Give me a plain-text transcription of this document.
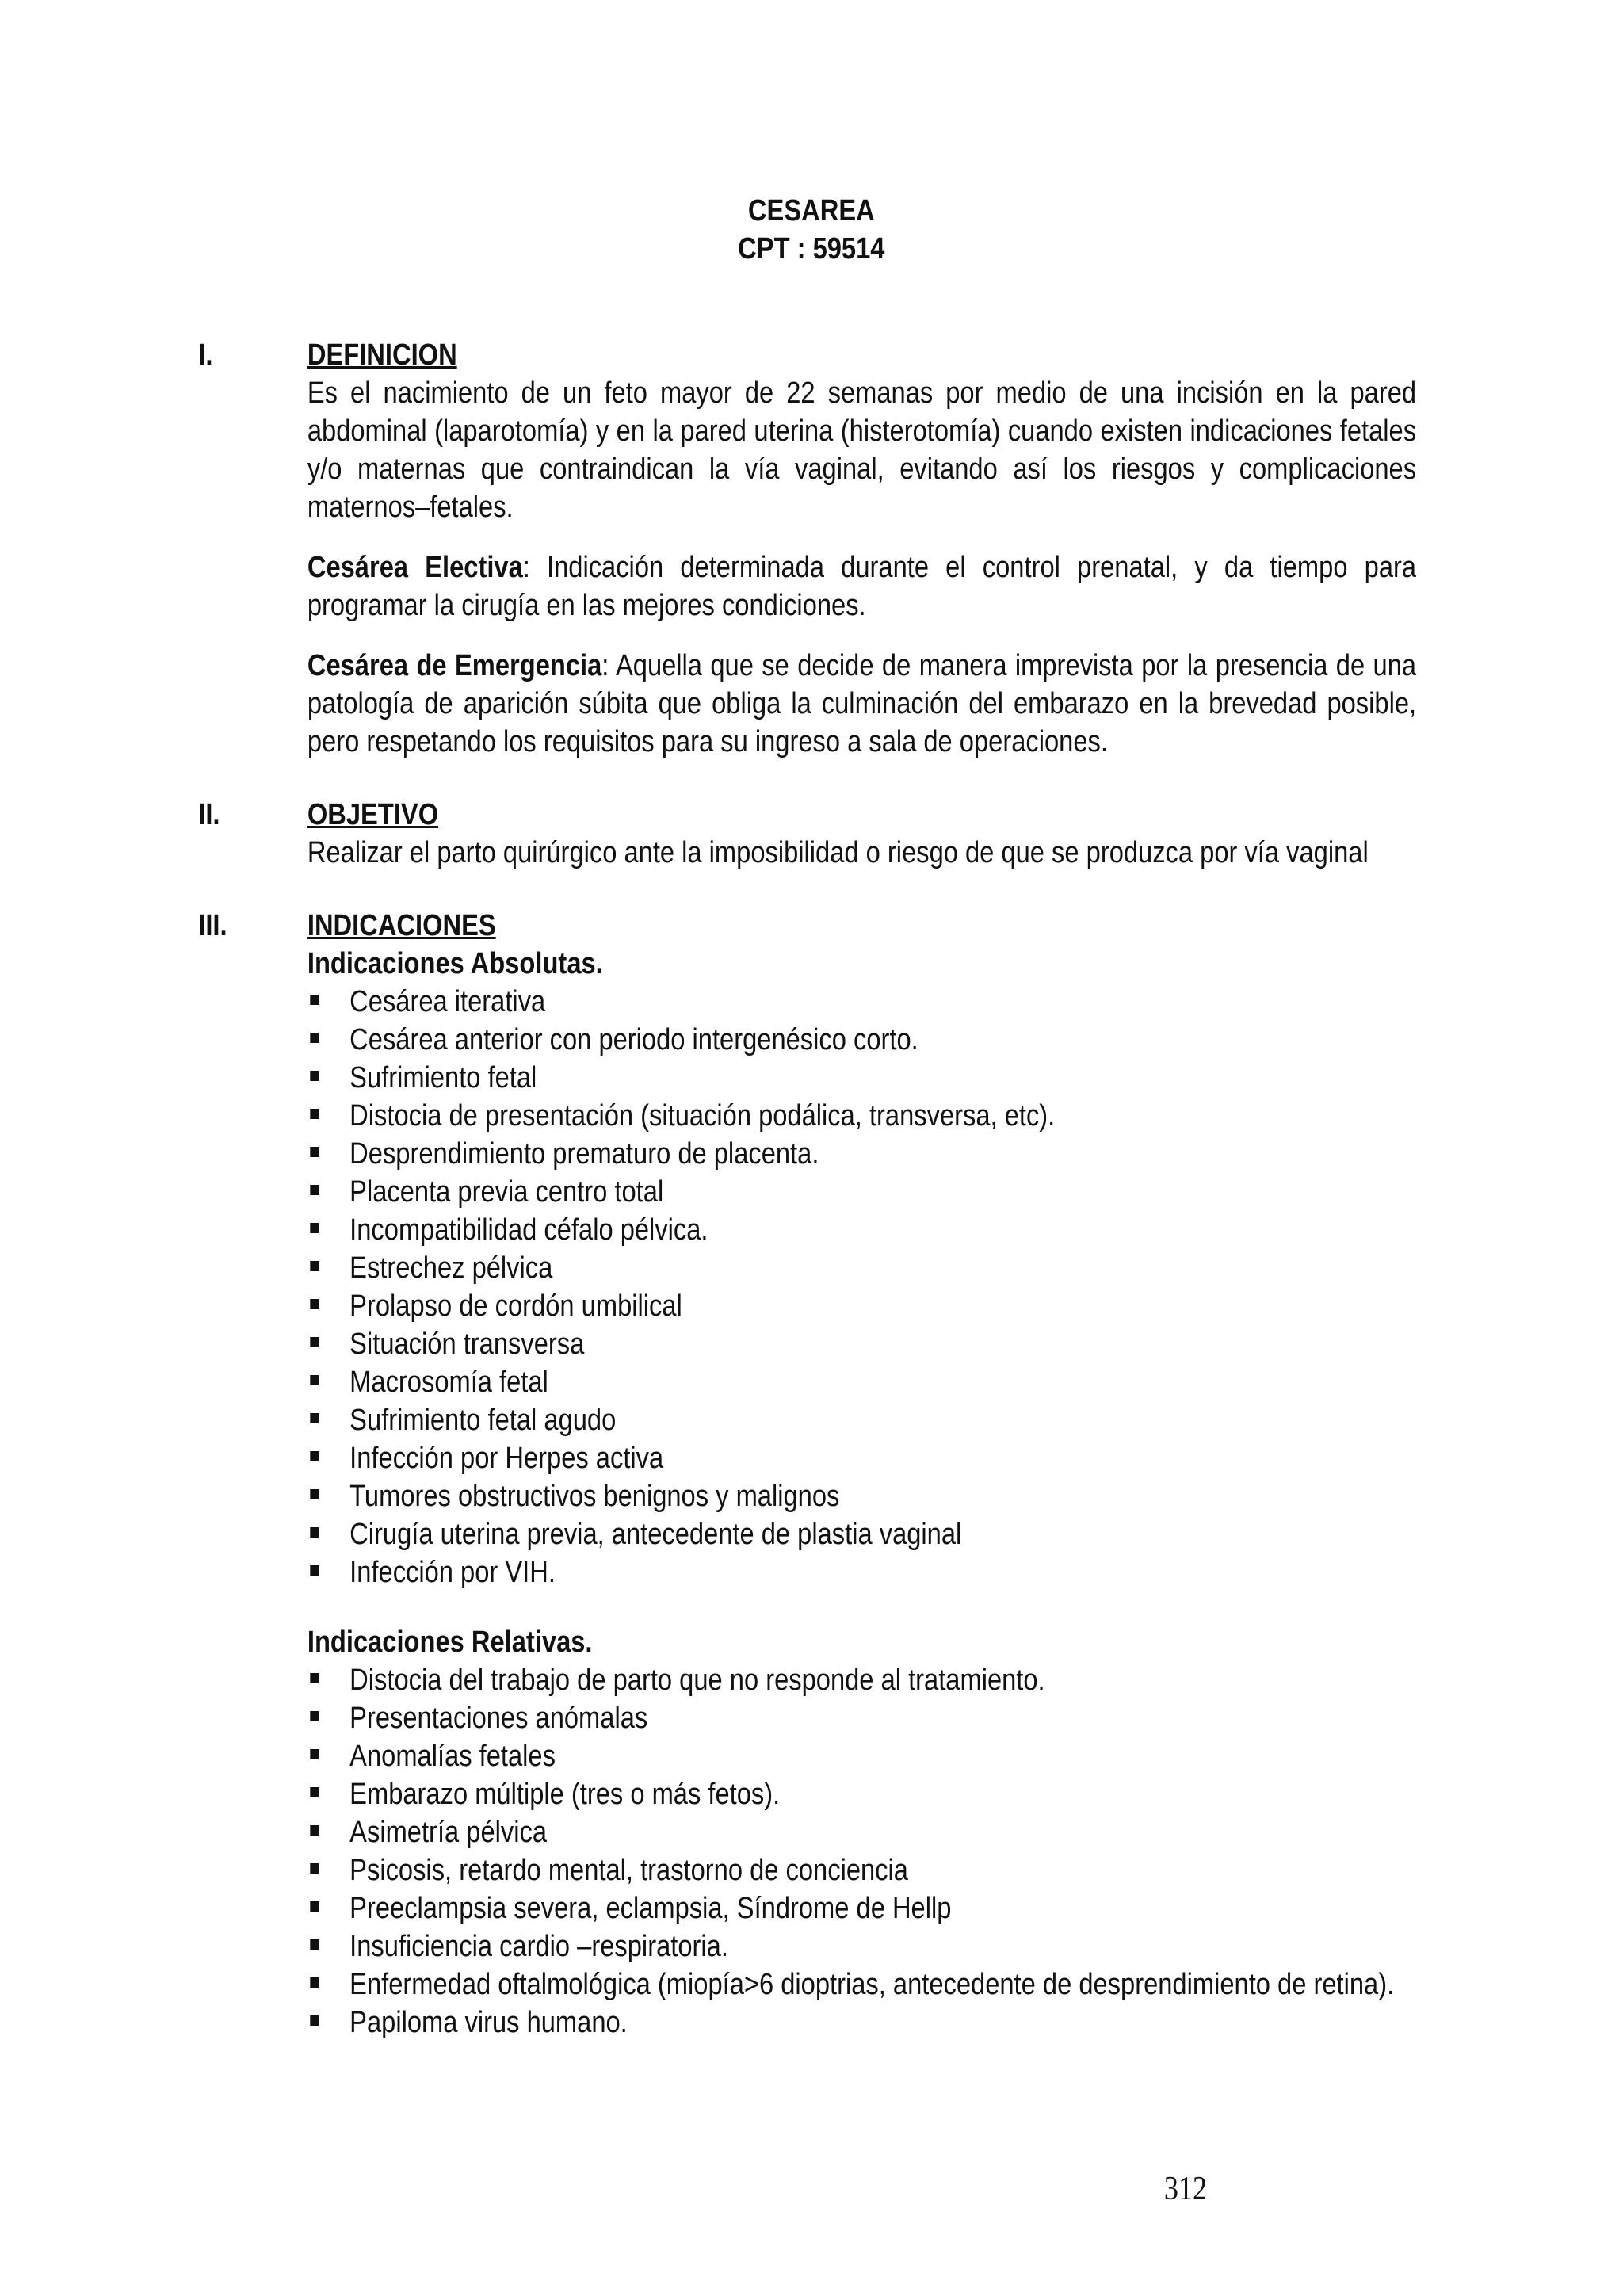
CESAREA
CPT : 59514
I.	DEFINICION

Es el nacimiento de un feto mayor de 22 semanas por medio de una incisión en la pared abdominal (laparotomía) y en la pared uterina (histerotomía) cuando existen indicaciones fetales y/o maternas que contraindican la vía vaginal, evitando así los riesgos y complicaciones maternos–fetales.

Cesárea Electiva: Indicación determinada durante el control prenatal, y da tiempo para programar la cirugía en las mejores condiciones.

Cesárea de Emergencia: Aquella que se decide de manera imprevista por la presencia de una patología de aparición súbita que obliga la culminación del embarazo en la brevedad posible, pero respetando los requisitos para su ingreso a sala de operaciones.

II.	OBJETIVO
Realizar el parto quirúrgico ante la imposibilidad o riesgo de que se produzca por vía vaginal
III.	INDICACIONES
Indicaciones Absolutas.
Cesárea iterativa
Cesárea anterior con periodo intergenésico corto.
Sufrimiento fetal
Distocia de presentación (situación podálica, transversa, etc).
Desprendimiento prematuro de placenta.
Placenta previa centro total
Incompatibilidad céfalo pélvica.
Estrechez pélvica
Prolapso de cordón umbilical
Situación transversa
Macrosomía fetal
Sufrimiento fetal agudo
Infección por Herpes activa
Tumores obstructivos benignos y malignos
Cirugía uterina previa, antecedente de plastia vaginal
Infección por VIH.
Indicaciones Relativas.
Distocia del trabajo de parto que no responde al tratamiento.
Presentaciones anómalas
Anomalías fetales
Embarazo múltiple (tres o más fetos).
Asimetría pélvica
Psicosis, retardo mental, trastorno de conciencia
Preeclampsia severa, eclampsia, Síndrome de Hellp
Insuficiencia cardio –respiratoria.
Enfermedad oftalmológica (miopía>6 dioptrias, antecedente de desprendimiento de retina).
Papiloma virus humano.
312
